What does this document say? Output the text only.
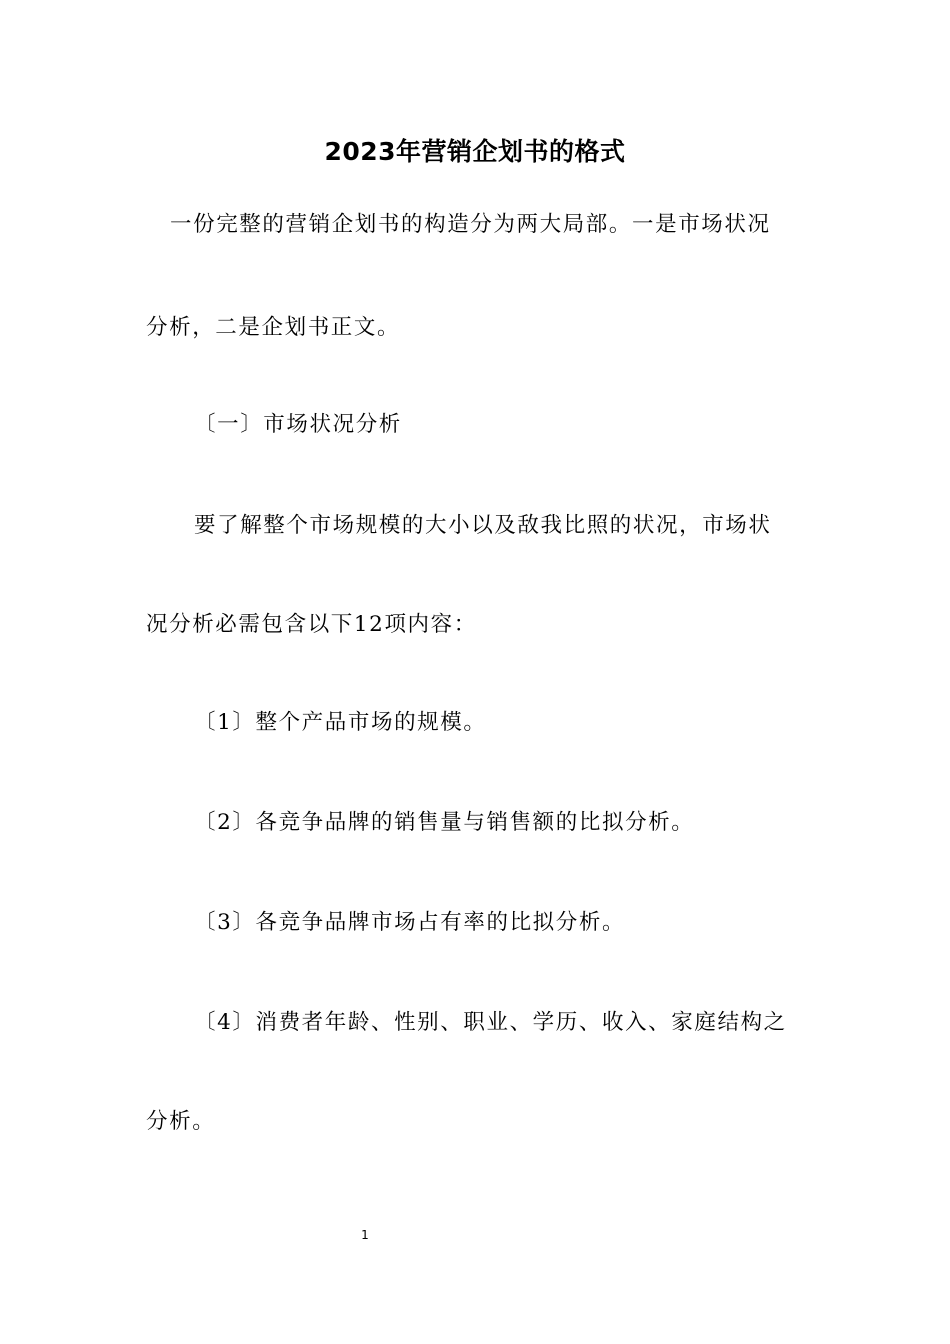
2023年营销企划书的格式
一份完整的营销企划书的构造分为两大局部。一是市场状况
分析，二是企划书正文。
〔一〕市场状况分析
要了解整个市场规模的大小以及敌我比照的状况，市场状
况分析必需包含以下12项内容：
〔1〕整个产品市场的规模。
〔2〕各竞争品牌的销售量与销售额的比拟分析。
〔3〕各竞争品牌市场占有率的比拟分析。
〔4〕消费者年龄、性别、职业、学历、收入、家庭结构之
分析。
1
